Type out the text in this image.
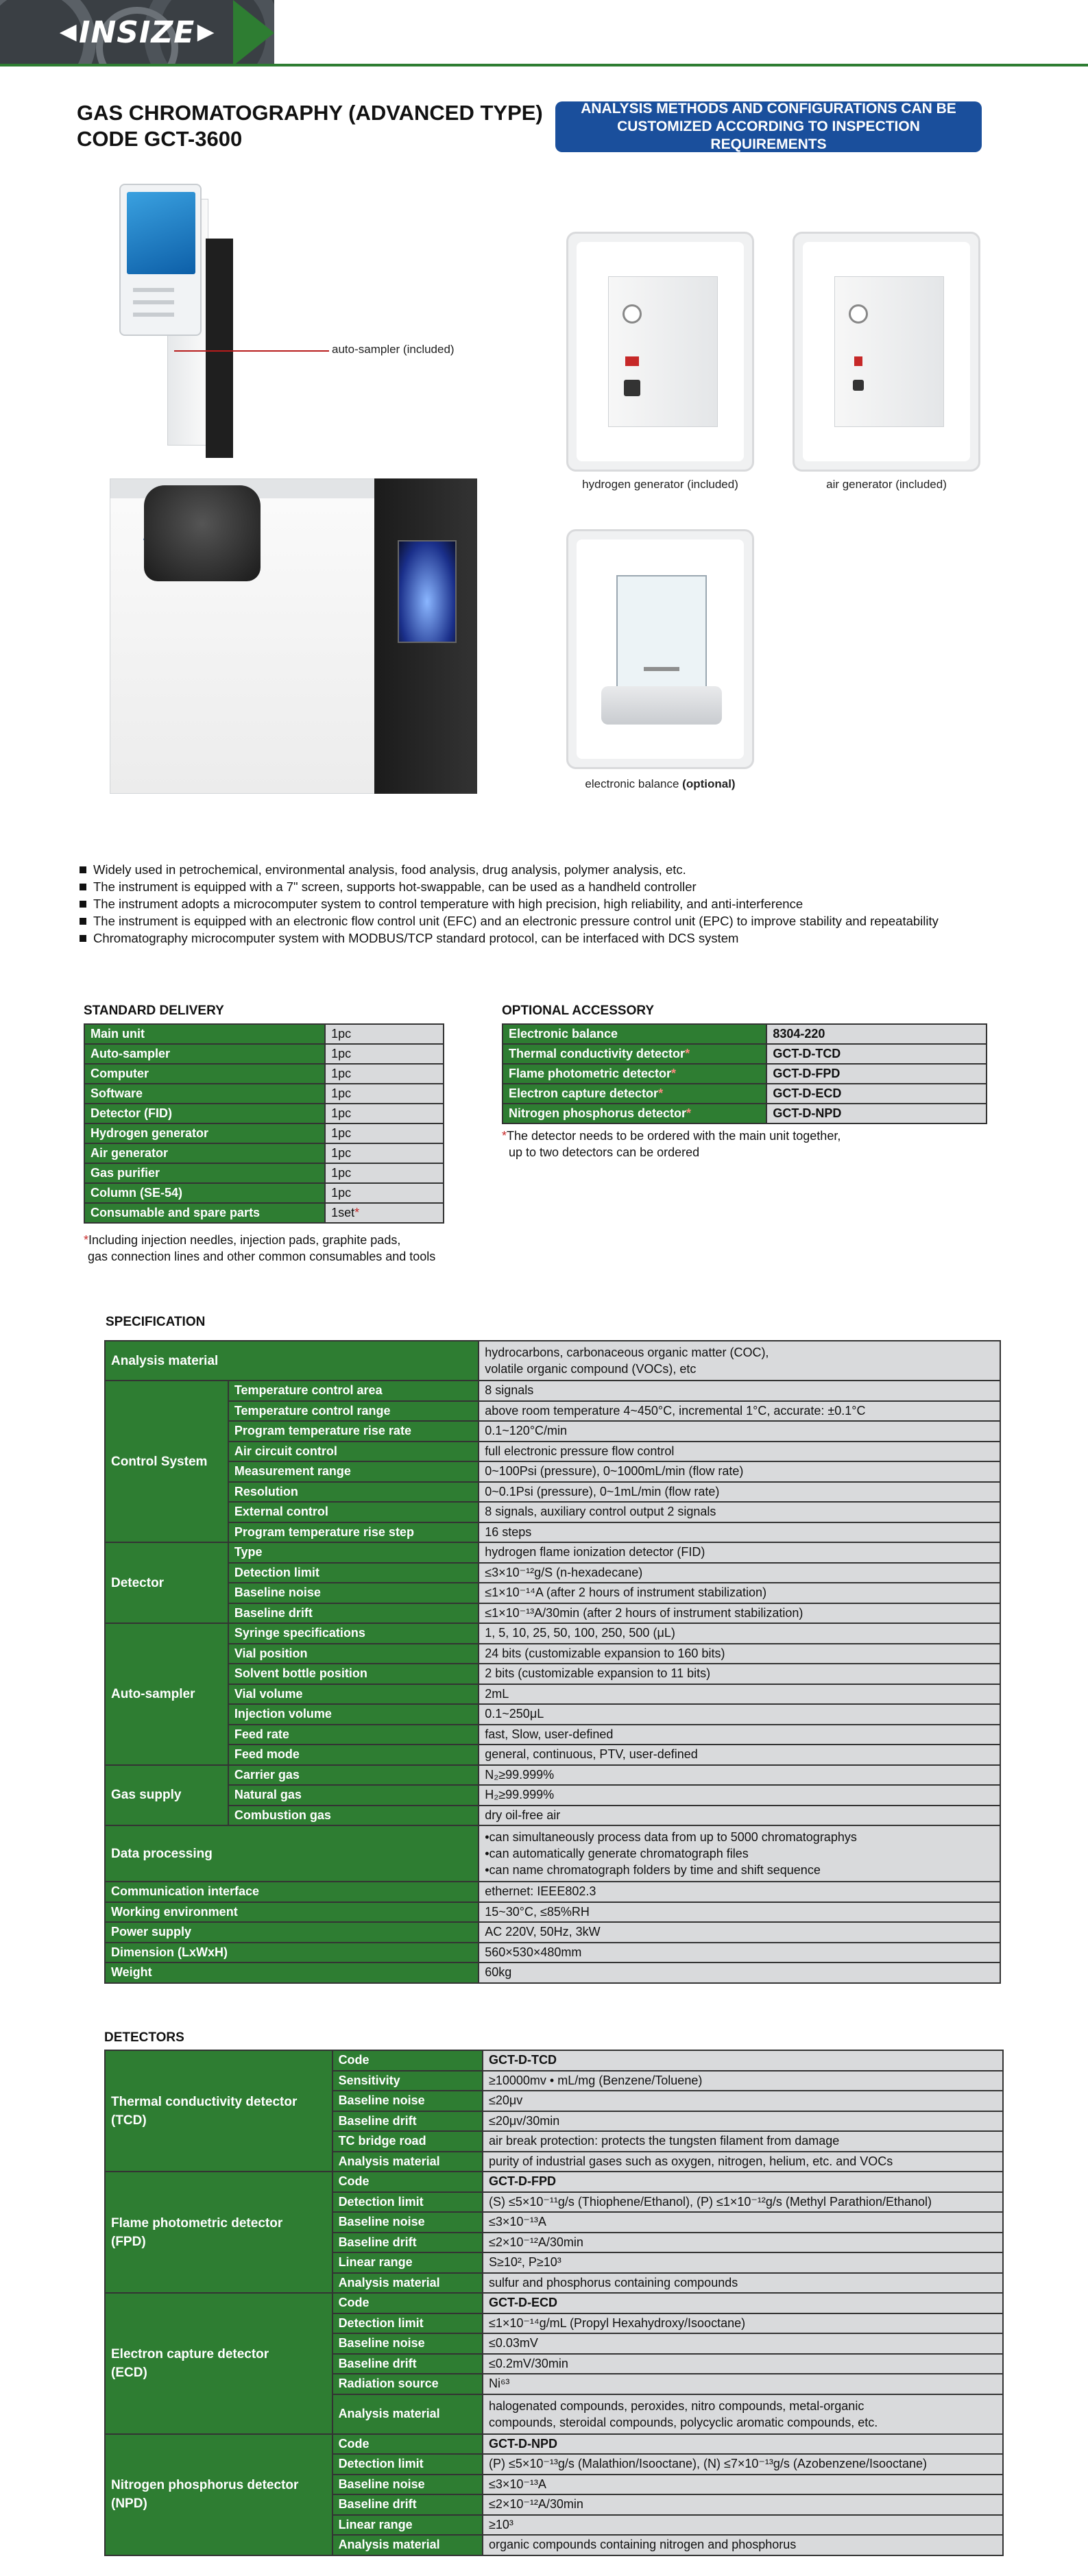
◀ INSIZE ▶
GAS CHROMATOGRAPHY (ADVANCED TYPE)
CODE GCT-3600
ANALYSIS METHODS AND CONFIGURATIONS CAN BE CUSTOMIZED ACCORDING TO INSPECTION REQUIREMENTS
auto-sampler (included)
hydrogen generator (included)	air generator (included)
electronic balance (optional)
Widely used in petrochemical, environmental analysis, food analysis, drug analysis, polymer analysis, etc.
The instrument is equipped with a 7" screen, supports hot-swappable, can be used as a handheld controller
The instrument adopts a microcomputer system to control temperature with high precision, high reliability, and anti-interference
The instrument is equipped with an electronic flow control unit (EFC) and an electronic pressure control unit (EPC) to improve stability and repeatability
Chromatography microcomputer system with MODBUS/TCP standard protocol, can be interfaced with DCS system
STANDARD DELIVERY
Main unit	1pc
Auto-sampler	1pc
Computer	1pc
Software	1pc
Detector (FID)	1pc
Hydrogen generator	1pc
Air generator	1pc
Gas purifier	1pc
Column (SE-54)	1pc
Consumable and spare parts	1set*
*Including injection needles, injection pads, graphite pads,
gas connection lines and other common consumables and tools
OPTIONAL ACCESSORY
Electronic balance	8304-220
Thermal conductivity detector*	GCT-D-TCD
Flame photometric detector*	GCT-D-FPD
Electron capture detector*	GCT-D-ECD
Nitrogen phosphorus detector*	GCT-D-NPD
*The detector needs to be ordered with the main unit together,
up to two detectors can be ordered
SPECIFICATION
Analysis material		hydrocarbons, carbonaceous organic matter (COC),
volatile organic compound (VOCs), etc

Control System	Temperature control area	8 signals
	Temperature control range	above room temperature 4~450°C, incremental 1°C, accurate: ±0.1°C
	Program temperature rise rate	0.1~120°C/min
	Air circuit control	full electronic pressure flow control
	Measurement range	0~100Psi (pressure), 0~1000mL/min (flow rate)
	Resolution	0~0.1Psi (pressure), 0~1mL/min (flow rate)
	External control	8 signals, auxiliary control output 2 signals
	Program temperature rise step	16 steps
Detector	Type	hydrogen flame ionization detector (FID)
	Detection limit	≤3×10⁻¹²g/S (n-hexadecane)
	Baseline noise	≤1×10⁻¹⁴A (after 2 hours of instrument stabilization)
	Baseline drift	≤1×10⁻¹³A/30min (after 2 hours of instrument stabilization)
Auto-sampler	Syringe specifications	1, 5, 10, 25, 50, 100, 250, 500 (μL)
	Vial position	24 bits (customizable expansion to 160 bits)
	Solvent bottle position	2 bits (customizable expansion to 11 bits)
	Vial volume	2mL
	Injection volume	0.1~250μL
	Feed rate	fast, Slow, user-defined
	Feed mode	general, continuous, PTV, user-defined
Gas supply	Carrier gas	N₂≥99.999%
	Natural gas	H₂≥99.999%
	Combustion gas	dry oil-free air
Data processing		•can simultaneously process data from up to 5000 chromatographys
•can automatically generate chromatograph files
•can name chromatograph folders by time and shift sequence

Communication interface		ethernet: IEEE802.3
Working environment		15~30°C, ≤85%RH
Power supply		AC 220V, 50Hz, 3kW
Dimension (LxWxH)		560×530×480mm
Weight		60kg
DETECTORS
Thermal conductivity detector
(TCD)	Code	GCT-D-TCD
	Sensitivity	≥10000mv • mL/mg (Benzene/Toluene)
	Baseline noise	≤20μv
	Baseline drift	≤20μv/30min
	TC bridge road	air break protection: protects the tungsten filament from damage
	Analysis material	purity of industrial gases such as oxygen, nitrogen, helium, etc. and VOCs

Flame photometric detector
(FPD)	Code	GCT-D-FPD
	Detection limit	(S) ≤5×10⁻¹¹g/s (Thiophene/Ethanol), (P) ≤1×10⁻¹²g/s (Methyl Parathion/Ethanol)
	Baseline noise	≤3×10⁻¹³A
	Baseline drift	≤2×10⁻¹²A/30min
	Linear range	S≥10², P≥10³
	Analysis material	sulfur and phosphorus containing compounds

Electron capture detector
(ECD)	Code	GCT-D-ECD
	Detection limit	≤1×10⁻¹⁴g/mL (Propyl Hexahydroxy/Isooctane)
	Baseline noise	≤0.03mV
	Baseline drift	≤0.2mV/30min
	Radiation source	Ni⁶³
	Analysis material	halogenated compounds, peroxides, nitro compounds, metal-organic
compounds, steroidal compounds, polycyclic aromatic compounds, etc.

Nitrogen phosphorus detector
(NPD)	Code	GCT-D-NPD
	Detection limit	(P) ≤5×10⁻¹³g/s (Malathion/Isooctane), (N) ≤7×10⁻¹³g/s (Azobenzene/Isooctane)
	Baseline noise	≤3×10⁻¹³A
	Baseline drift	≤2×10⁻¹²A/30min
	Linear range	≥10³
	Analysis material	organic compounds containing nitrogen and phosphorus
